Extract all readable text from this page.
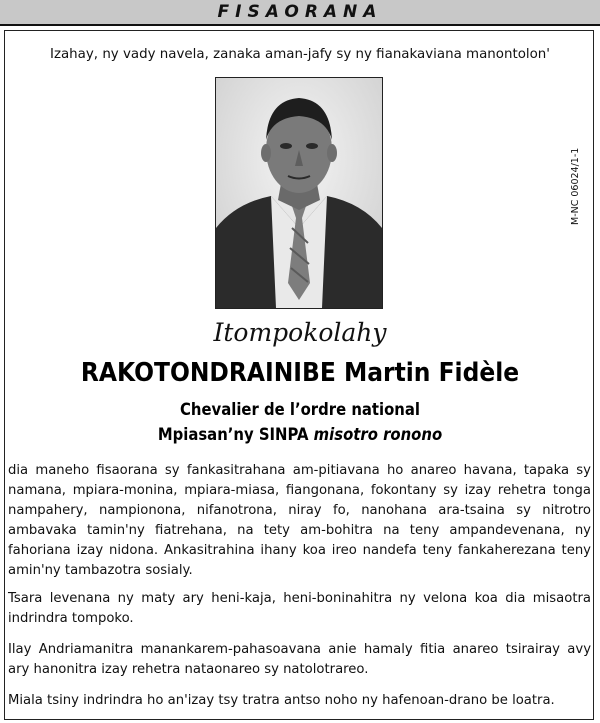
FISAORANA
Izahay, ny vady navela, zanaka aman-jafy sy ny fianakaviana manontolon'
M-NC 06024/1-1
Itompokolahy
RAKOTONDRAINIBE Martin Fidèle
Chevalier de l’ordre national
Mpiasan’ny SINPA misotro ronono

dia maneho fisaorana sy fankasitrahana am-pitiavana ho anareo havana, tapaka sy namana, mpiara-monina, mpiara-miasa, fiangonana, fokontany sy izay rehetra tonga nampahery, nampionona, nifanotrona, niray fo, nanohana ara-tsaina sy nitrotro ambavaka tamin'ny fiatrehana, na tety am-bohitra na teny ampandevenana, ny fahoriana izay nidona. Ankasitrahina ihany koa ireo nandefa teny fankaherezana teny amin'ny tambazotra sosialy.

Tsara levenana ny maty ary heni-kaja, heni-boninahitra ny velona koa dia misaotra indrindra tompoko.

Ilay Andriamanitra manankarem-pahasoavana anie hamaly fitia anareo tsirairay avy ary hanonitra izay rehetra nataonareo sy natolotrareo.

Miala tsiny indrindra ho an'izay tsy tratra antso noho ny hafenoan-drano be loatra.
